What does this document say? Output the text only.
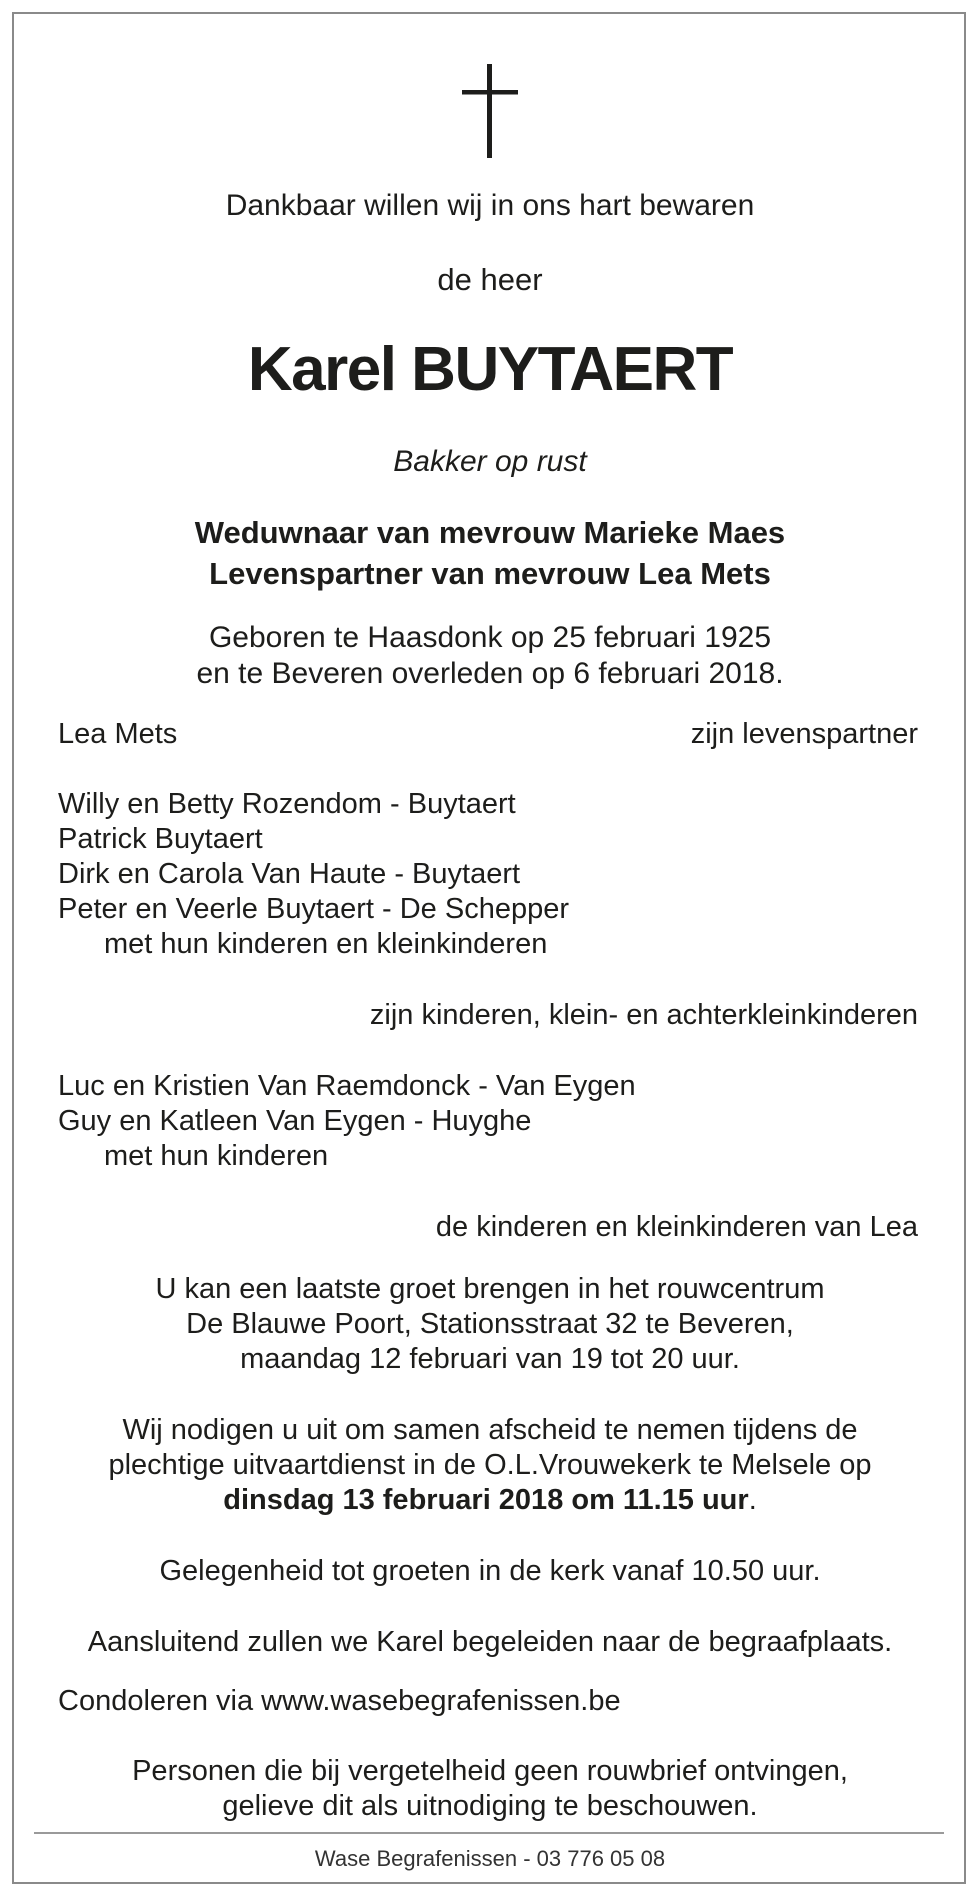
Dankbaar willen wij in ons hart bewaren
de heer
Karel BUYTAERT
Bakker op rust
Weduwnaar van mevrouw Marieke Maes
Levenspartner van mevrouw Lea Mets
Geboren te Haasdonk op 25 februari 1925
en te Beveren overleden op 6 februari 2018.
Lea Mets	zijn levenspartner
Willy en Betty Rozendom - Buytaert
Patrick Buytaert
Dirk en Carola Van Haute - Buytaert
Peter en Veerle Buytaert - De Schepper
met hun kinderen en kleinkinderen
zijn kinderen, klein- en achterkleinkinderen
Luc en Kristien Van Raemdonck - Van Eygen
Guy en Katleen Van Eygen - Huyghe
met hun kinderen
de kinderen en kleinkinderen van Lea
U kan een laatste groet brengen in het rouwcentrum
De Blauwe Poort, Stationsstraat 32 te Beveren,
maandag 12 februari van 19 tot 20 uur.
Wij nodigen u uit om samen afscheid te nemen tijdens de
plechtige uitvaartdienst in de O.L.Vrouwekerk te Melsele op
dinsdag 13 februari 2018 om 11.15 uur.
Gelegenheid tot groeten in de kerk vanaf 10.50 uur.
Aansluitend zullen we Karel begeleiden naar de begraafplaats.
Condoleren via www.wasebegrafenissen.be
Personen die bij vergetelheid geen rouwbrief ontvingen,
gelieve dit als uitnodiging te beschouwen.
Wase Begrafenissen - 03 776 05 08
